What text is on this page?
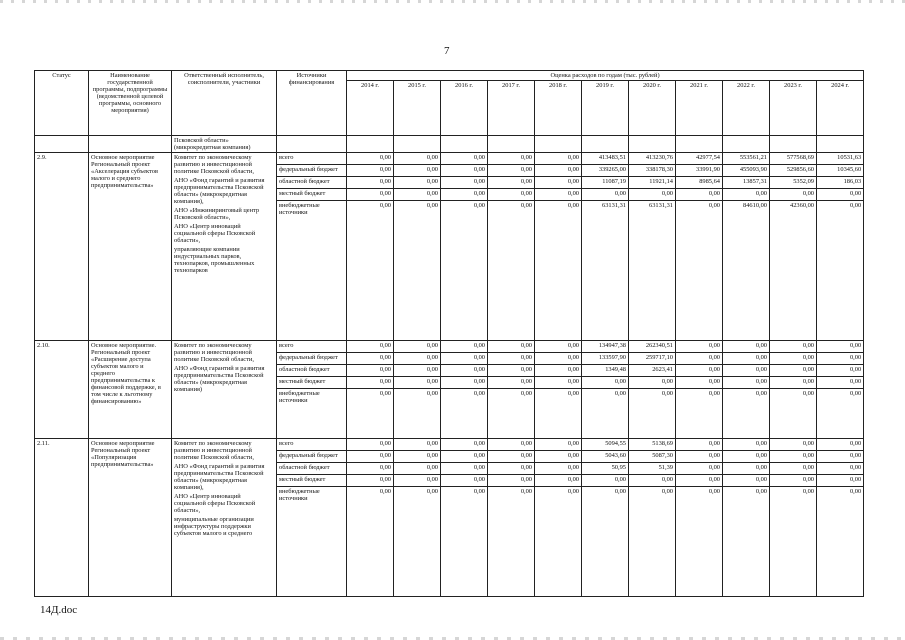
7
Статус	Наименование государственной программы, подпрограммы (ведомственной целевой программы, основного мероприятия)	Ответственный исполнитель, соисполнители, участники	Источники финансирования	Оценка расходов по годам (тыс. рублей)										
				2014 г.	2015 г.	2016 г.	2017 г.	2018 г.	2019 г.	2020 г.	2021 г.	2022 г.	2023 г.	2024 г.
		Псковской области» (микрокредитная компания)												
2.9.	Основное мероприятие Региональный проект «Акселерация субъектов малого и среднего предпринимательства»	Комитет по экономическому развитию и инвестиционной политике Псковской области,
АНО «Фонд гарантий и развития предпринимательства Псковской области» (микрокредитная компания),
АНО «Инжиниринговый центр Псковской области»,
АНО «Центр инноваций социальной сферы Псковской области»,
управляющие компании индустриальных парков, технопарков, промышленных технопарков	всего	0,00	0,00	0,00	0,00	0,00	413483,51	413230,76	42977,54	553561,21	577568,69	10531,63
			федеральный бюджет	0,00	0,00	0,00	0,00	0,00	339265,00	338178,30	33991,90	455093,90	529856,60	10345,60
			областной бюджет	0,00	0,00	0,00	0,00	0,00	11087,19	11921,14	8985,64	13857,31	5352,09	186,03
			местный бюджет	0,00	0,00	0,00	0,00	0,00	0,00	0,00	0,00	0,00	0,00	0,00
			внебюджетные источники	0,00	0,00	0,00	0,00	0,00	63131,31	63131,31	0,00	84610,00	42360,00	0,00
2.10.	Основное мероприятие. Региональный проект «Расширение доступа субъектов малого и среднего предпринимательства к финансовой поддержке, в том числе к льготному финансированию»	Комитет по экономическому развитию и инвестиционной политике Псковской области,
АНО «Фонд гарантий и развития предпринимательства Псковской области» (микрокредитная компания)	всего	0,00	0,00	0,00	0,00	0,00	134947,38	262340,51	0,00	0,00	0,00	0,00
			федеральный бюджет	0,00	0,00	0,00	0,00	0,00	133597,90	259717,10	0,00	0,00	0,00	0,00
			областной бюджет	0,00	0,00	0,00	0,00	0,00	1349,48	2623,41	0,00	0,00	0,00	0,00
			местный бюджет	0,00	0,00	0,00	0,00	0,00	0,00	0,00	0,00	0,00	0,00	0,00
			внебюджетные источники	0,00	0,00	0,00	0,00	0,00	0,00	0,00	0,00	0,00	0,00	0,00
2.11.	Основное мероприятие Региональный проект «Популяризация предпринимательства»	Комитет по экономическому развитию и инвестиционной политике Псковской области,
АНО «Фонд гарантий и развития предпринимательства Псковской области» (микрокредитная компания),
АНО «Центр инноваций социальной сферы Псковской области»,
муниципальные организации инфраструктуры поддержки субъектов малого и среднего	всего	0,00	0,00	0,00	0,00	0,00	5094,55	5138,69	0,00	0,00	0,00	0,00
			федеральный бюджет	0,00	0,00	0,00	0,00	0,00	5043,60	5087,30	0,00	0,00	0,00	0,00
			областной бюджет	0,00	0,00	0,00	0,00	0,00	50,95	51,39	0,00	0,00	0,00	0,00
			местный бюджет	0,00	0,00	0,00	0,00	0,00	0,00	0,00	0,00	0,00	0,00	0,00
			внебюджетные источники	0,00	0,00	0,00	0,00	0,00	0,00	0,00	0,00	0,00	0,00	0,00
14Д.doc
